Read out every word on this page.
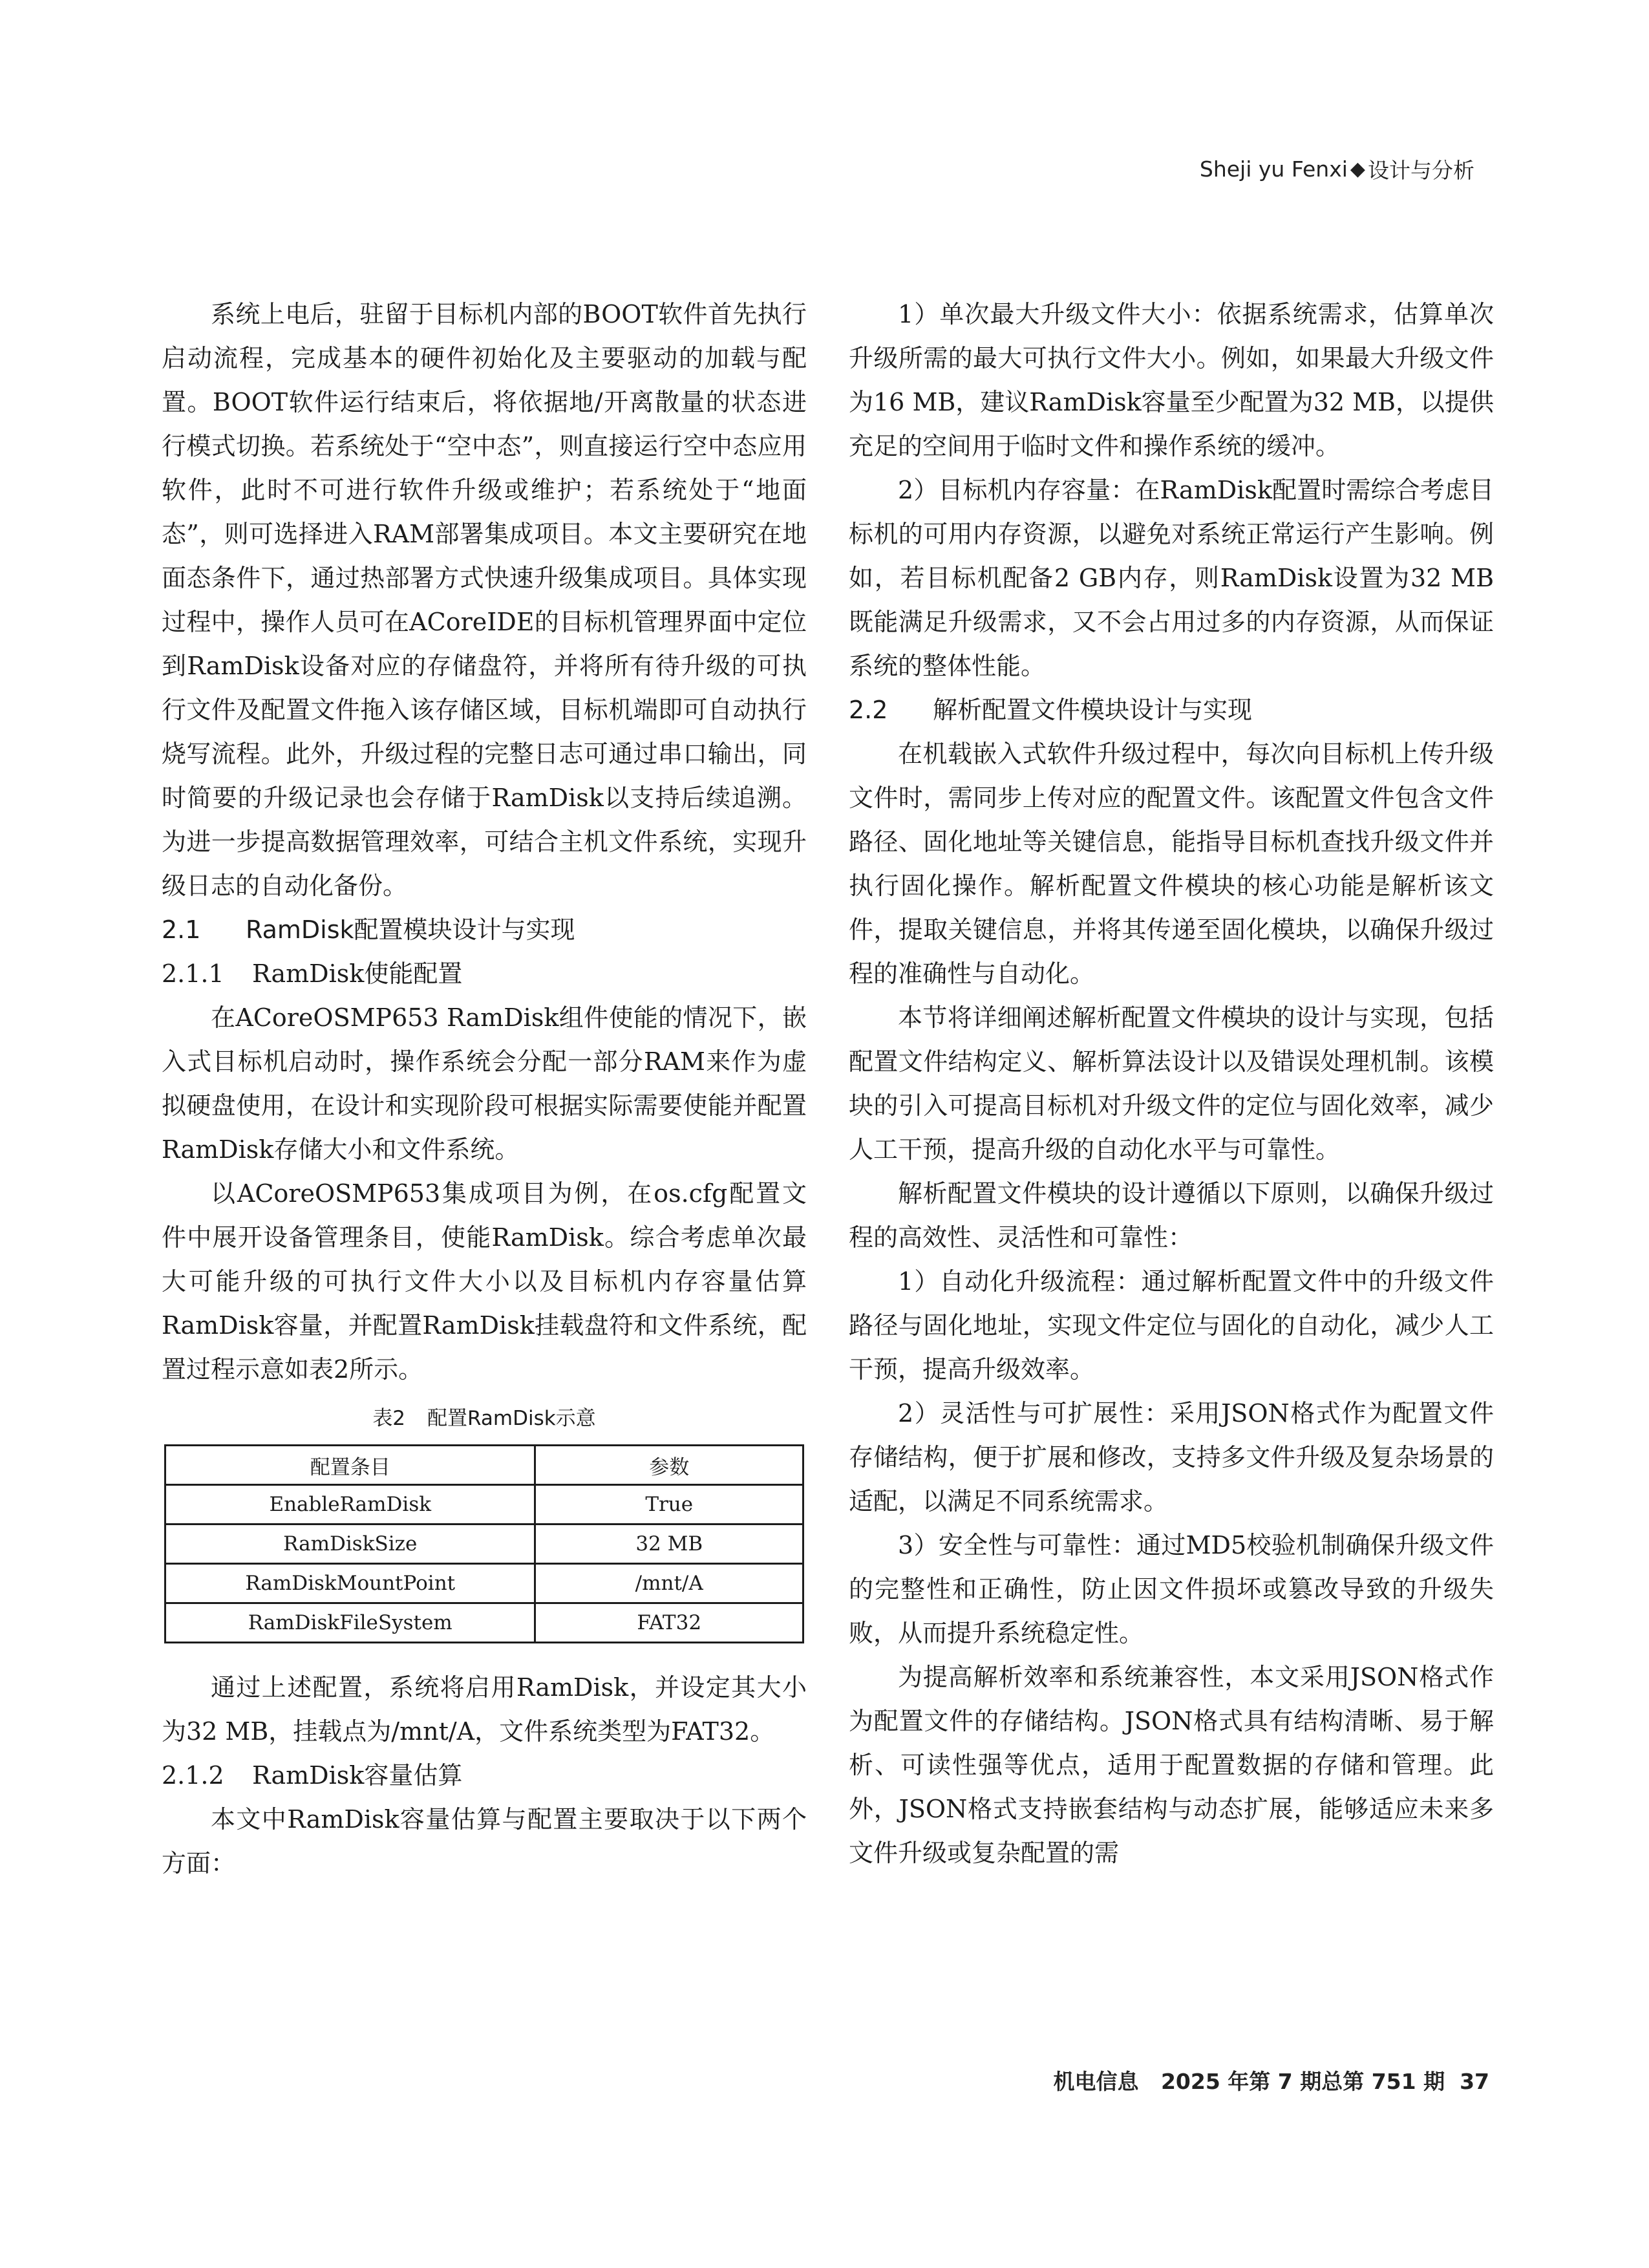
Sheji yu Fenxi ◆ 设计与分析

系统上电后，驻留于目标机内部的BOOT软件首先执行启动流程，完成基本的硬件初始化及主要驱动的加载与配置。BOOT软件运行结束后，将依据地/开离散量的状态进行模式切换。若系统处于“空中态”，则直接运行空中态应用软件，此时不可进行软件升级或维护；若系统处于“地面态”，则可选择进入RAM部署集成项目。本文主要研究在地面态条件下，通过热部署方式快速升级集成项目。具体实现过程中，操作人员可在ACoreIDE的目标机管理界面中定位到RamDisk设备对应的存储盘符，并将所有待升级的可执行文件及配置文件拖入该存储区域，目标机端即可自动执行烧写流程。此外，升级过程的完整日志可通过串口输出，同时简要的升级记录也会存储于RamDisk以支持后续追溯。为进一步提高数据管理效率，可结合主机文件系统，实现升级日志的自动化备份。

2.1 RamDisk配置模块设计与实现

2.1.1 RamDisk使能配置

在ACoreOSMP653 RamDisk组件使能的情况下，嵌入式目标机启动时，操作系统会分配一部分RAM来作为虚拟硬盘使用，在设计和实现阶段可根据实际需要使能并配置RamDisk存储大小和文件系统。

以ACoreOSMP653集成项目为例，在os.cfg配置文件中展开设备管理条目，使能RamDisk。综合考虑单次最大可能升级的可执行文件大小以及目标机内存容量估算RamDisk容量，并配置RamDisk挂载盘符和文件系统，配置过程示意如表2所示。

表2 配置RamDisk示意
配置条目	参数
EnableRamDisk	True
RamDiskSize	32 MB
RamDiskMountPoint	/mnt/A
RamDiskFileSystem	FAT32

通过上述配置，系统将启用RamDisk，并设定其大小为32 MB，挂载点为/mnt/A，文件系统类型为FAT32。

2.1.2 RamDisk容量估算

本文中RamDisk容量估算与配置主要取决于以下两个方面：

1）单次最大升级文件大小：依据系统需求，估算单次升级所需的最大可执行文件大小。例如，如果最大升级文件为16 MB，建议RamDisk容量至少配置为32 MB，以提供充足的空间用于临时文件和操作系统的缓冲。

2）目标机内存容量：在RamDisk配置时需综合考虑目标机的可用内存资源，以避免对系统正常运行产生影响。例如，若目标机配备2 GB内存，则RamDisk设置为32 MB既能满足升级需求，又不会占用过多的内存资源，从而保证系统的整体性能。

2.2 解析配置文件模块设计与实现

在机载嵌入式软件升级过程中，每次向目标机上传升级文件时，需同步上传对应的配置文件。该配置文件包含文件路径、固化地址等关键信息，能指导目标机查找升级文件并执行固化操作。解析配置文件模块的核心功能是解析该文件，提取关键信息，并将其传递至固化模块，以确保升级过程的准确性与自动化。

本节将详细阐述解析配置文件模块的设计与实现，包括配置文件结构定义、解析算法设计以及错误处理机制。该模块的引入可提高目标机对升级文件的定位与固化效率，减少人工干预，提高升级的自动化水平与可靠性。

解析配置文件模块的设计遵循以下原则，以确保升级过程的高效性、灵活性和可靠性：

1）自动化升级流程：通过解析配置文件中的升级文件路径与固化地址，实现文件定位与固化的自动化，减少人工干预，提高升级效率。

2）灵活性与可扩展性：采用JSON格式作为配置文件存储结构，便于扩展和修改，支持多文件升级及复杂场景的适配，以满足不同系统需求。

3）安全性与可靠性：通过MD5校验机制确保升级文件的完整性和正确性，防止因文件损坏或篡改导致的升级失败，从而提升系统稳定性。

为提高解析效率和系统兼容性，本文采用JSON格式作为配置文件的存储结构。JSON格式具有结构清晰、易于解析、可读性强等优点，适用于配置数据的存储和管理。此外，JSON格式支持嵌套结构与动态扩展，能够适应未来多文件升级或复杂配置的需

机电信息 2025 年第 7 期总第 751 期 37
